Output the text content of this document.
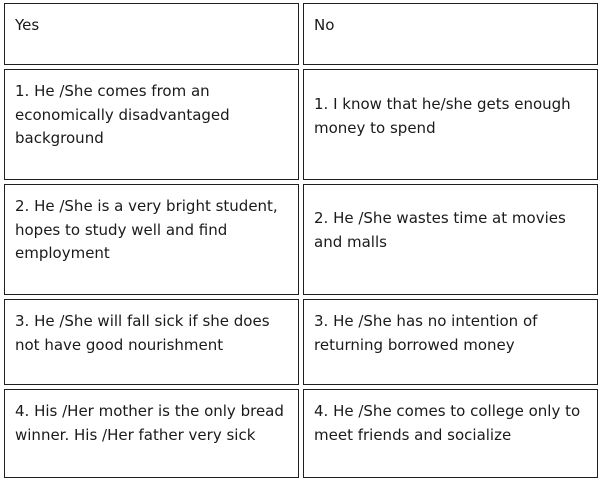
Yes	No
1. He /She comes from an economically disadvantaged background
1. I know that he/she gets enough money to spend
2. He /She is a very bright student, hopes to study well and find employment
2. He /She wastes time at movies and malls
3. He /She will fall sick if she does not have good nourishment
3. He /She has no intention of returning borrowed money
4. His /Her mother is the only bread winner. His /Her father very sick
4. He /She comes to college only to meet friends and socialize
